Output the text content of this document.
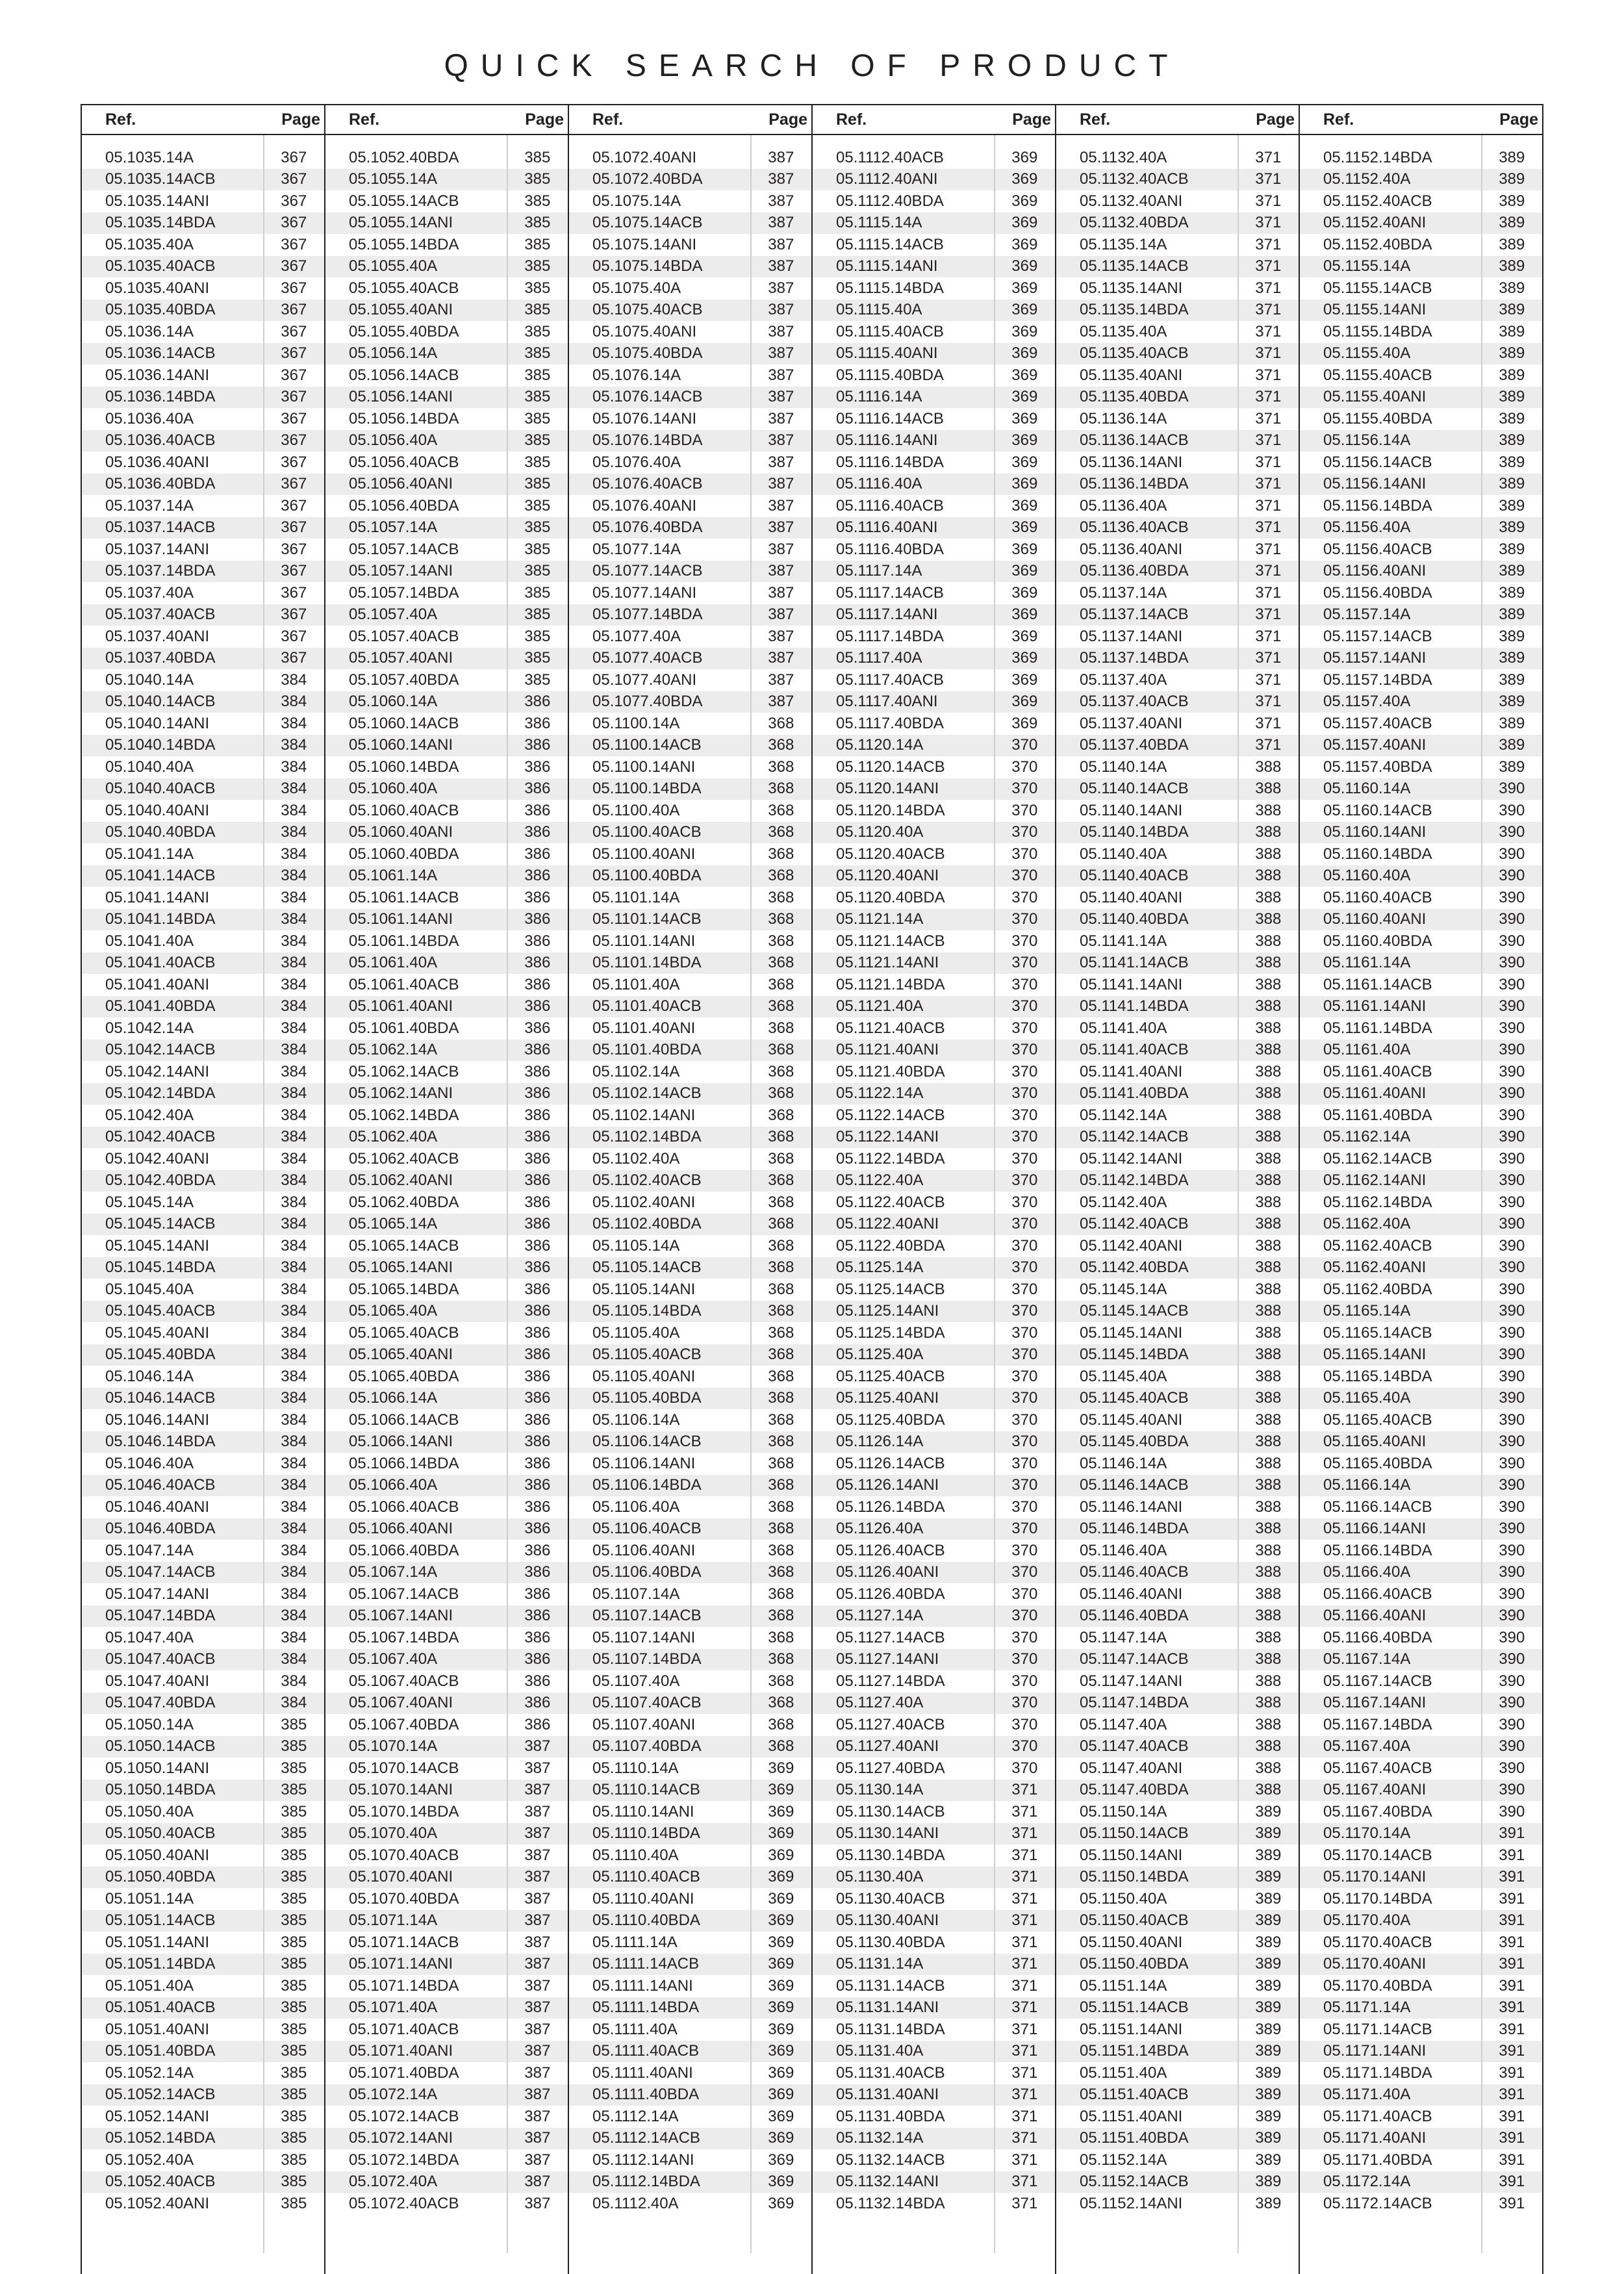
QUICK SEARCH OF PRODUCT
Ref.	Page
05.1035.14A	367
05.1035.14ACB	367
05.1035.14ANI	367
05.1035.14BDA	367
05.1035.40A	367
05.1035.40ACB	367
05.1035.40ANI	367
05.1035.40BDA	367
05.1036.14A	367
05.1036.14ACB	367
05.1036.14ANI	367
05.1036.14BDA	367
05.1036.40A	367
05.1036.40ACB	367
05.1036.40ANI	367
05.1036.40BDA	367
05.1037.14A	367
05.1037.14ACB	367
05.1037.14ANI	367
05.1037.14BDA	367
05.1037.40A	367
05.1037.40ACB	367
05.1037.40ANI	367
05.1037.40BDA	367
05.1040.14A	384
05.1040.14ACB	384
05.1040.14ANI	384
05.1040.14BDA	384
05.1040.40A	384
05.1040.40ACB	384
05.1040.40ANI	384
05.1040.40BDA	384
05.1041.14A	384
05.1041.14ACB	384
05.1041.14ANI	384
05.1041.14BDA	384
05.1041.40A	384
05.1041.40ACB	384
05.1041.40ANI	384
05.1041.40BDA	384
05.1042.14A	384
05.1042.14ACB	384
05.1042.14ANI	384
05.1042.14BDA	384
05.1042.40A	384
05.1042.40ACB	384
05.1042.40ANI	384
05.1042.40BDA	384
05.1045.14A	384
05.1045.14ACB	384
05.1045.14ANI	384
05.1045.14BDA	384
05.1045.40A	384
05.1045.40ACB	384
05.1045.40ANI	384
05.1045.40BDA	384
05.1046.14A	384
05.1046.14ACB	384
05.1046.14ANI	384
05.1046.14BDA	384
05.1046.40A	384
05.1046.40ACB	384
05.1046.40ANI	384
05.1046.40BDA	384
05.1047.14A	384
05.1047.14ACB	384
05.1047.14ANI	384
05.1047.14BDA	384
05.1047.40A	384
05.1047.40ACB	384
05.1047.40ANI	384
05.1047.40BDA	384
05.1050.14A	385
05.1050.14ACB	385
05.1050.14ANI	385
05.1050.14BDA	385
05.1050.40A	385
05.1050.40ACB	385
05.1050.40ANI	385
05.1050.40BDA	385
05.1051.14A	385
05.1051.14ACB	385
05.1051.14ANI	385
05.1051.14BDA	385
05.1051.40A	385
05.1051.40ACB	385
05.1051.40ANI	385
05.1051.40BDA	385
05.1052.14A	385
05.1052.14ACB	385
05.1052.14ANI	385
05.1052.14BDA	385
05.1052.40A	385
05.1052.40ACB	385
05.1052.40ANI	385
Ref.	Page
05.1052.40BDA	385
05.1055.14A	385
05.1055.14ACB	385
05.1055.14ANI	385
05.1055.14BDA	385
05.1055.40A	385
05.1055.40ACB	385
05.1055.40ANI	385
05.1055.40BDA	385
05.1056.14A	385
05.1056.14ACB	385
05.1056.14ANI	385
05.1056.14BDA	385
05.1056.40A	385
05.1056.40ACB	385
05.1056.40ANI	385
05.1056.40BDA	385
05.1057.14A	385
05.1057.14ACB	385
05.1057.14ANI	385
05.1057.14BDA	385
05.1057.40A	385
05.1057.40ACB	385
05.1057.40ANI	385
05.1057.40BDA	385
05.1060.14A	386
05.1060.14ACB	386
05.1060.14ANI	386
05.1060.14BDA	386
05.1060.40A	386
05.1060.40ACB	386
05.1060.40ANI	386
05.1060.40BDA	386
05.1061.14A	386
05.1061.14ACB	386
05.1061.14ANI	386
05.1061.14BDA	386
05.1061.40A	386
05.1061.40ACB	386
05.1061.40ANI	386
05.1061.40BDA	386
05.1062.14A	386
05.1062.14ACB	386
05.1062.14ANI	386
05.1062.14BDA	386
05.1062.40A	386
05.1062.40ACB	386
05.1062.40ANI	386
05.1062.40BDA	386
05.1065.14A	386
05.1065.14ACB	386
05.1065.14ANI	386
05.1065.14BDA	386
05.1065.40A	386
05.1065.40ACB	386
05.1065.40ANI	386
05.1065.40BDA	386
05.1066.14A	386
05.1066.14ACB	386
05.1066.14ANI	386
05.1066.14BDA	386
05.1066.40A	386
05.1066.40ACB	386
05.1066.40ANI	386
05.1066.40BDA	386
05.1067.14A	386
05.1067.14ACB	386
05.1067.14ANI	386
05.1067.14BDA	386
05.1067.40A	386
05.1067.40ACB	386
05.1067.40ANI	386
05.1067.40BDA	386
05.1070.14A	387
05.1070.14ACB	387
05.1070.14ANI	387
05.1070.14BDA	387
05.1070.40A	387
05.1070.40ACB	387
05.1070.40ANI	387
05.1070.40BDA	387
05.1071.14A	387
05.1071.14ACB	387
05.1071.14ANI	387
05.1071.14BDA	387
05.1071.40A	387
05.1071.40ACB	387
05.1071.40ANI	387
05.1071.40BDA	387
05.1072.14A	387
05.1072.14ACB	387
05.1072.14ANI	387
05.1072.14BDA	387
05.1072.40A	387
05.1072.40ACB	387
Ref.	Page
05.1072.40ANI	387
05.1072.40BDA	387
05.1075.14A	387
05.1075.14ACB	387
05.1075.14ANI	387
05.1075.14BDA	387
05.1075.40A	387
05.1075.40ACB	387
05.1075.40ANI	387
05.1075.40BDA	387
05.1076.14A	387
05.1076.14ACB	387
05.1076.14ANI	387
05.1076.14BDA	387
05.1076.40A	387
05.1076.40ACB	387
05.1076.40ANI	387
05.1076.40BDA	387
05.1077.14A	387
05.1077.14ACB	387
05.1077.14ANI	387
05.1077.14BDA	387
05.1077.40A	387
05.1077.40ACB	387
05.1077.40ANI	387
05.1077.40BDA	387
05.1100.14A	368
05.1100.14ACB	368
05.1100.14ANI	368
05.1100.14BDA	368
05.1100.40A	368
05.1100.40ACB	368
05.1100.40ANI	368
05.1100.40BDA	368
05.1101.14A	368
05.1101.14ACB	368
05.1101.14ANI	368
05.1101.14BDA	368
05.1101.40A	368
05.1101.40ACB	368
05.1101.40ANI	368
05.1101.40BDA	368
05.1102.14A	368
05.1102.14ACB	368
05.1102.14ANI	368
05.1102.14BDA	368
05.1102.40A	368
05.1102.40ACB	368
05.1102.40ANI	368
05.1102.40BDA	368
05.1105.14A	368
05.1105.14ACB	368
05.1105.14ANI	368
05.1105.14BDA	368
05.1105.40A	368
05.1105.40ACB	368
05.1105.40ANI	368
05.1105.40BDA	368
05.1106.14A	368
05.1106.14ACB	368
05.1106.14ANI	368
05.1106.14BDA	368
05.1106.40A	368
05.1106.40ACB	368
05.1106.40ANI	368
05.1106.40BDA	368
05.1107.14A	368
05.1107.14ACB	368
05.1107.14ANI	368
05.1107.14BDA	368
05.1107.40A	368
05.1107.40ACB	368
05.1107.40ANI	368
05.1107.40BDA	368
05.1110.14A	369
05.1110.14ACB	369
05.1110.14ANI	369
05.1110.14BDA	369
05.1110.40A	369
05.1110.40ACB	369
05.1110.40ANI	369
05.1110.40BDA	369
05.1111.14A	369
05.1111.14ACB	369
05.1111.14ANI	369
05.1111.14BDA	369
05.1111.40A	369
05.1111.40ACB	369
05.1111.40ANI	369
05.1111.40BDA	369
05.1112.14A	369
05.1112.14ACB	369
05.1112.14ANI	369
05.1112.14BDA	369
05.1112.40A	369
Ref.	Page
05.1112.40ACB	369
05.1112.40ANI	369
05.1112.40BDA	369
05.1115.14A	369
05.1115.14ACB	369
05.1115.14ANI	369
05.1115.14BDA	369
05.1115.40A	369
05.1115.40ACB	369
05.1115.40ANI	369
05.1115.40BDA	369
05.1116.14A	369
05.1116.14ACB	369
05.1116.14ANI	369
05.1116.14BDA	369
05.1116.40A	369
05.1116.40ACB	369
05.1116.40ANI	369
05.1116.40BDA	369
05.1117.14A	369
05.1117.14ACB	369
05.1117.14ANI	369
05.1117.14BDA	369
05.1117.40A	369
05.1117.40ACB	369
05.1117.40ANI	369
05.1117.40BDA	369
05.1120.14A	370
05.1120.14ACB	370
05.1120.14ANI	370
05.1120.14BDA	370
05.1120.40A	370
05.1120.40ACB	370
05.1120.40ANI	370
05.1120.40BDA	370
05.1121.14A	370
05.1121.14ACB	370
05.1121.14ANI	370
05.1121.14BDA	370
05.1121.40A	370
05.1121.40ACB	370
05.1121.40ANI	370
05.1121.40BDA	370
05.1122.14A	370
05.1122.14ACB	370
05.1122.14ANI	370
05.1122.14BDA	370
05.1122.40A	370
05.1122.40ACB	370
05.1122.40ANI	370
05.1122.40BDA	370
05.1125.14A	370
05.1125.14ACB	370
05.1125.14ANI	370
05.1125.14BDA	370
05.1125.40A	370
05.1125.40ACB	370
05.1125.40ANI	370
05.1125.40BDA	370
05.1126.14A	370
05.1126.14ACB	370
05.1126.14ANI	370
05.1126.14BDA	370
05.1126.40A	370
05.1126.40ACB	370
05.1126.40ANI	370
05.1126.40BDA	370
05.1127.14A	370
05.1127.14ACB	370
05.1127.14ANI	370
05.1127.14BDA	370
05.1127.40A	370
05.1127.40ACB	370
05.1127.40ANI	370
05.1127.40BDA	370
05.1130.14A	371
05.1130.14ACB	371
05.1130.14ANI	371
05.1130.14BDA	371
05.1130.40A	371
05.1130.40ACB	371
05.1130.40ANI	371
05.1130.40BDA	371
05.1131.14A	371
05.1131.14ACB	371
05.1131.14ANI	371
05.1131.14BDA	371
05.1131.40A	371
05.1131.40ACB	371
05.1131.40ANI	371
05.1131.40BDA	371
05.1132.14A	371
05.1132.14ACB	371
05.1132.14ANI	371
05.1132.14BDA	371
Ref.	Page
05.1132.40A	371
05.1132.40ACB	371
05.1132.40ANI	371
05.1132.40BDA	371
05.1135.14A	371
05.1135.14ACB	371
05.1135.14ANI	371
05.1135.14BDA	371
05.1135.40A	371
05.1135.40ACB	371
05.1135.40ANI	371
05.1135.40BDA	371
05.1136.14A	371
05.1136.14ACB	371
05.1136.14ANI	371
05.1136.14BDA	371
05.1136.40A	371
05.1136.40ACB	371
05.1136.40ANI	371
05.1136.40BDA	371
05.1137.14A	371
05.1137.14ACB	371
05.1137.14ANI	371
05.1137.14BDA	371
05.1137.40A	371
05.1137.40ACB	371
05.1137.40ANI	371
05.1137.40BDA	371
05.1140.14A	388
05.1140.14ACB	388
05.1140.14ANI	388
05.1140.14BDA	388
05.1140.40A	388
05.1140.40ACB	388
05.1140.40ANI	388
05.1140.40BDA	388
05.1141.14A	388
05.1141.14ACB	388
05.1141.14ANI	388
05.1141.14BDA	388
05.1141.40A	388
05.1141.40ACB	388
05.1141.40ANI	388
05.1141.40BDA	388
05.1142.14A	388
05.1142.14ACB	388
05.1142.14ANI	388
05.1142.14BDA	388
05.1142.40A	388
05.1142.40ACB	388
05.1142.40ANI	388
05.1142.40BDA	388
05.1145.14A	388
05.1145.14ACB	388
05.1145.14ANI	388
05.1145.14BDA	388
05.1145.40A	388
05.1145.40ACB	388
05.1145.40ANI	388
05.1145.40BDA	388
05.1146.14A	388
05.1146.14ACB	388
05.1146.14ANI	388
05.1146.14BDA	388
05.1146.40A	388
05.1146.40ACB	388
05.1146.40ANI	388
05.1146.40BDA	388
05.1147.14A	388
05.1147.14ACB	388
05.1147.14ANI	388
05.1147.14BDA	388
05.1147.40A	388
05.1147.40ACB	388
05.1147.40ANI	388
05.1147.40BDA	388
05.1150.14A	389
05.1150.14ACB	389
05.1150.14ANI	389
05.1150.14BDA	389
05.1150.40A	389
05.1150.40ACB	389
05.1150.40ANI	389
05.1150.40BDA	389
05.1151.14A	389
05.1151.14ACB	389
05.1151.14ANI	389
05.1151.14BDA	389
05.1151.40A	389
05.1151.40ACB	389
05.1151.40ANI	389
05.1151.40BDA	389
05.1152.14A	389
05.1152.14ACB	389
05.1152.14ANI	389
Ref.	Page
05.1152.14BDA	389
05.1152.40A	389
05.1152.40ACB	389
05.1152.40ANI	389
05.1152.40BDA	389
05.1155.14A	389
05.1155.14ACB	389
05.1155.14ANI	389
05.1155.14BDA	389
05.1155.40A	389
05.1155.40ACB	389
05.1155.40ANI	389
05.1155.40BDA	389
05.1156.14A	389
05.1156.14ACB	389
05.1156.14ANI	389
05.1156.14BDA	389
05.1156.40A	389
05.1156.40ACB	389
05.1156.40ANI	389
05.1156.40BDA	389
05.1157.14A	389
05.1157.14ACB	389
05.1157.14ANI	389
05.1157.14BDA	389
05.1157.40A	389
05.1157.40ACB	389
05.1157.40ANI	389
05.1157.40BDA	389
05.1160.14A	390
05.1160.14ACB	390
05.1160.14ANI	390
05.1160.14BDA	390
05.1160.40A	390
05.1160.40ACB	390
05.1160.40ANI	390
05.1160.40BDA	390
05.1161.14A	390
05.1161.14ACB	390
05.1161.14ANI	390
05.1161.14BDA	390
05.1161.40A	390
05.1161.40ACB	390
05.1161.40ANI	390
05.1161.40BDA	390
05.1162.14A	390
05.1162.14ACB	390
05.1162.14ANI	390
05.1162.14BDA	390
05.1162.40A	390
05.1162.40ACB	390
05.1162.40ANI	390
05.1162.40BDA	390
05.1165.14A	390
05.1165.14ACB	390
05.1165.14ANI	390
05.1165.14BDA	390
05.1165.40A	390
05.1165.40ACB	390
05.1165.40ANI	390
05.1165.40BDA	390
05.1166.14A	390
05.1166.14ACB	390
05.1166.14ANI	390
05.1166.14BDA	390
05.1166.40A	390
05.1166.40ACB	390
05.1166.40ANI	390
05.1166.40BDA	390
05.1167.14A	390
05.1167.14ACB	390
05.1167.14ANI	390
05.1167.14BDA	390
05.1167.40A	390
05.1167.40ACB	390
05.1167.40ANI	390
05.1167.40BDA	390
05.1170.14A	391
05.1170.14ACB	391
05.1170.14ANI	391
05.1170.14BDA	391
05.1170.40A	391
05.1170.40ACB	391
05.1170.40ANI	391
05.1170.40BDA	391
05.1171.14A	391
05.1171.14ACB	391
05.1171.14ANI	391
05.1171.14BDA	391
05.1171.40A	391
05.1171.40ACB	391
05.1171.40ANI	391
05.1171.40BDA	391
05.1172.14A	391
05.1172.14ACB	391
